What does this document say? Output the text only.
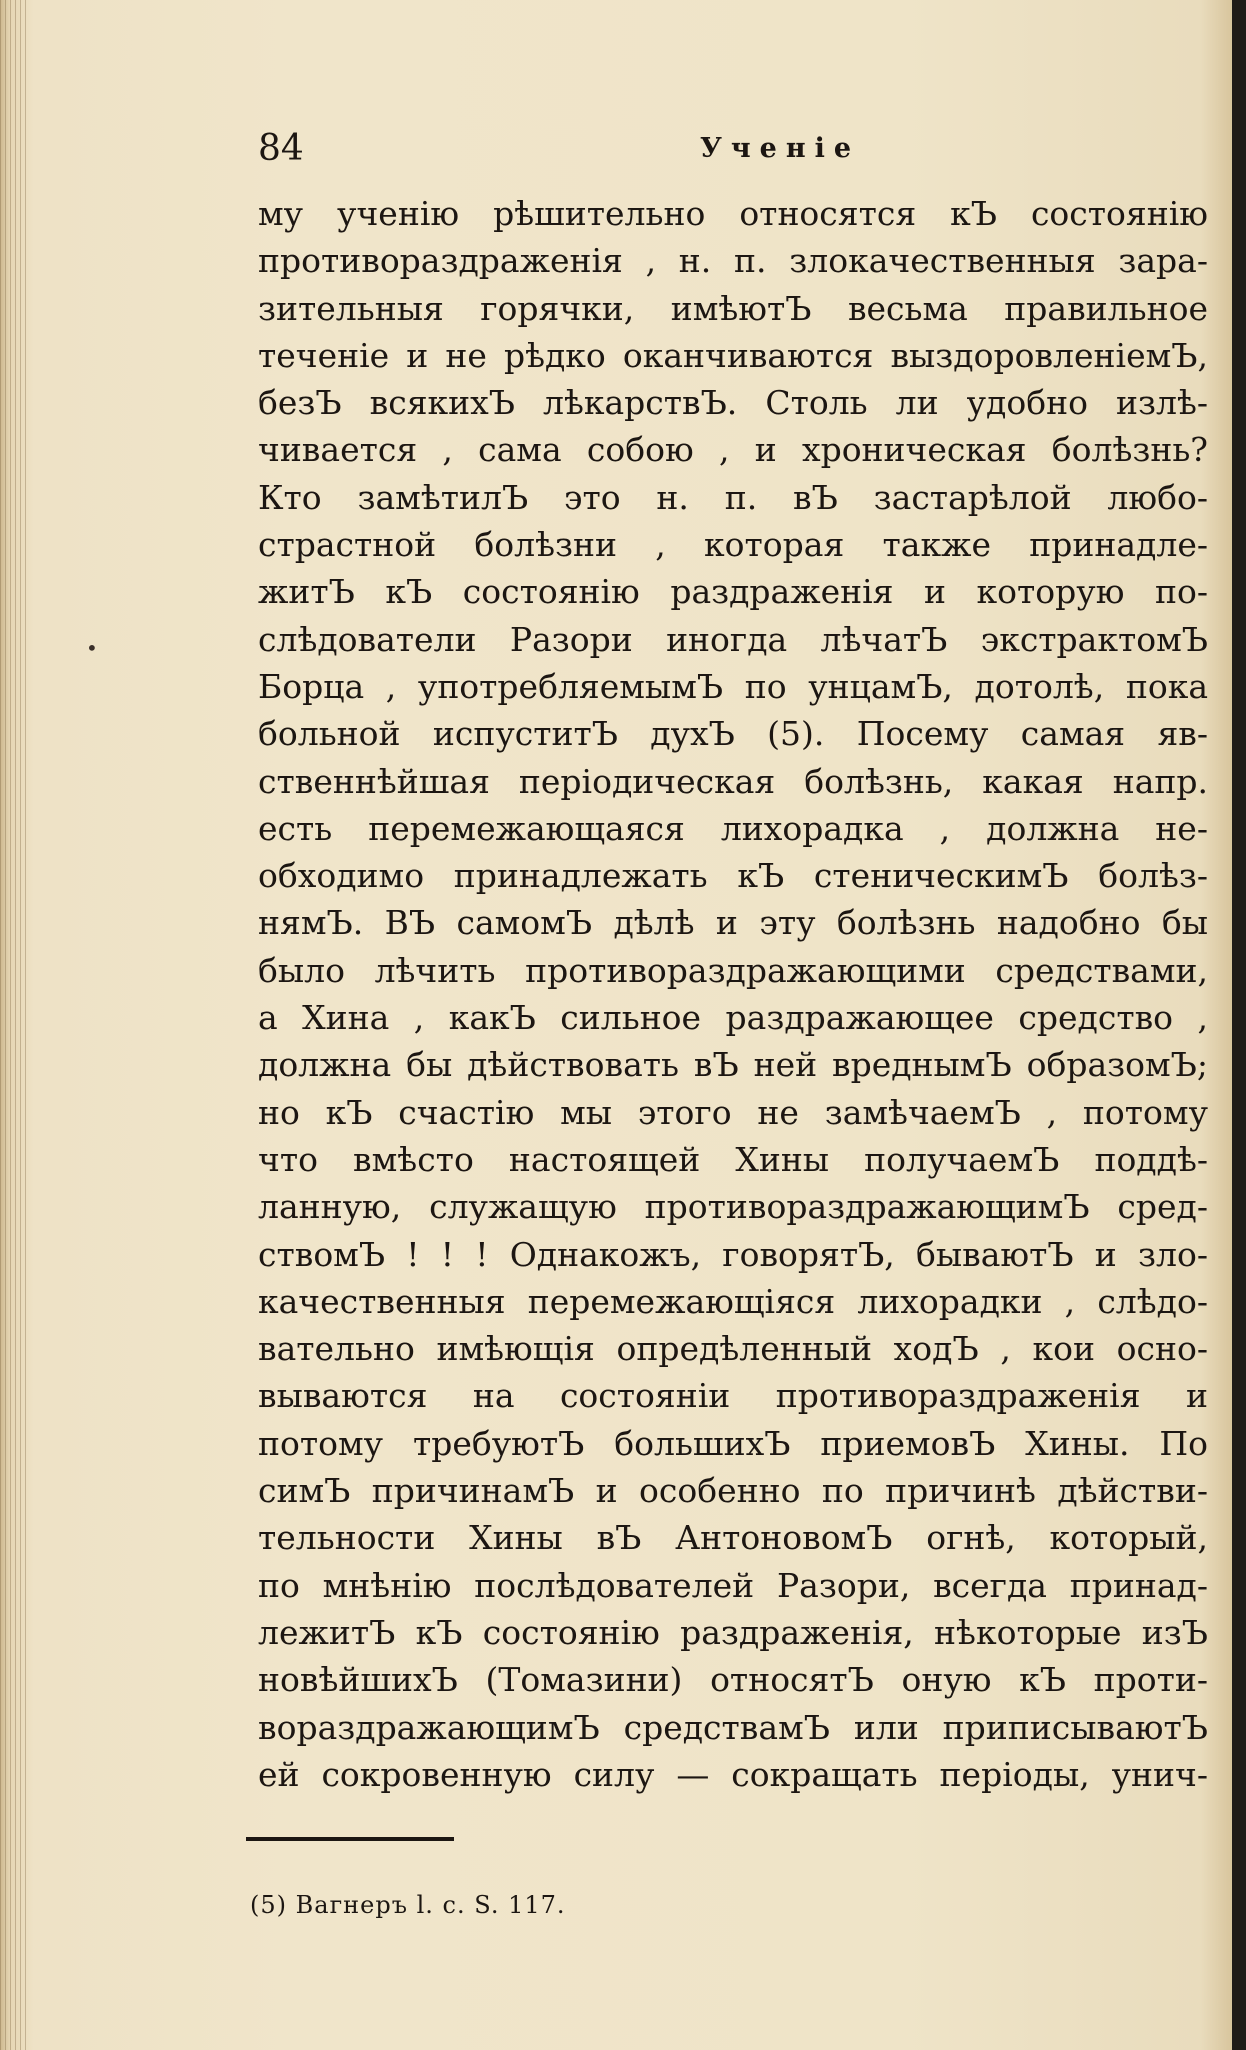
84	Ученіе
му ученію рѣшительно относятся кЪ состоянію
противораздраженія , н. п. злокачественныя зара-
зительныя горячки, имѣютЪ весьма правильное
теченіе и не рѣдко оканчиваются выздоровленіемЪ,
безЪ всякихЪ лѣкарствЪ. Столь ли удобно излѣ-
чивается , сама собою , и хроническая болѣзнь?
Кто замѣтилЪ это н. п. вЪ застарѣлой любо-
страстной болѣзни , которая также принадле-
житЪ кЪ состоянію раздраженія и которую по-
слѣдователи Разори иногда лѣчатЪ экстрактомЪ
Борца , употребляемымЪ по унцамЪ, дотолѣ, пока
больной испуститЪ духЪ (5). Посему самая яв-
ственнѣйшая періодическая болѣзнь, какая напр.
есть перемежающаяся лихорадка , должна не-
обходимо принадлежать кЪ стеническимЪ болѣз-
нямЪ. ВЪ самомЪ дѣлѣ и эту болѣзнь надобно бы
было лѣчить противораздражающими средствами,
а Хина , какЪ сильное раздражающее средство ,
должна бы дѣйствовать вЪ ней вреднымЪ образомЪ;
но кЪ счастію мы этого не замѣчаемЪ , потому
что вмѣсто настоящей Хины получаемЪ поддѣ-
ланную, служащую противораздражающимЪ сред-
ствомЪ ! ! ! Однакожъ, говорятЪ, бываютЪ и зло-
качественныя перемежающіяся лихорадки , слѣдо-
вательно имѣющія опредѣленный ходЪ , кои осно-
вываются на состояніи противораздраженія и
потому требуютЪ большихЪ приемовЪ Хины. По
симЪ причинамЪ и особенно по причинѣ дѣйстви-
тельности Хины вЪ АнтоновомЪ огнѣ, который,
по мнѣнію послѣдователей Разори, всегда принад-
лежитЪ кЪ состоянію раздраженія, нѣкоторые изЪ
новѣйшихЪ (Томазини) относятЪ оную кЪ проти-
вораздражающимЪ средствамЪ или приписываютЪ
ей сокровенную силу — сокращать періоды, унич-
(5) Вагнеръ l. c. S. 117.
•
